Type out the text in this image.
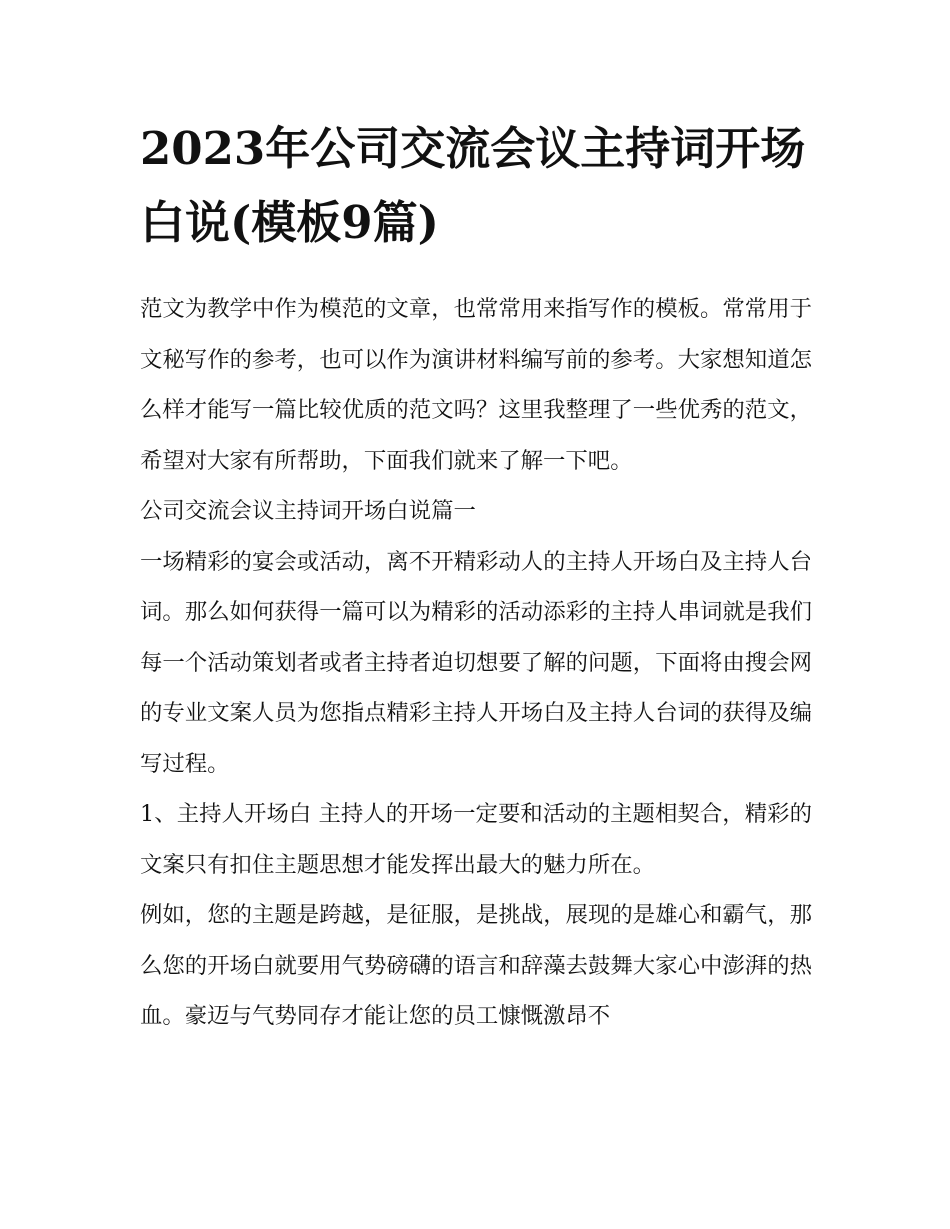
2023年公司交流会议主持词开场白说(模板9篇)

范文为教学中作为模范的文章，也常常用来指写作的模板。常常用于文秘写作的参考，也可以作为演讲材料编写前的参考。大家想知道怎么样才能写一篇比较优质的范文吗？这里我整理了一些优秀的范文，希望对大家有所帮助，下面我们就来了解一下吧。

公司交流会议主持词开场白说篇一

一场精彩的宴会或活动，离不开精彩动人的主持人开场白及主持人台词。那么如何获得一篇可以为精彩的活动添彩的主持人串词就是我们每一个活动策划者或者主持者迫切想要了解的问题，下面将由搜会网的专业文案人员为您指点精彩主持人开场白及主持人台词的获得及编写过程。

1、主持人开场白 主持人的开场一定要和活动的主题相契合，精彩的文案只有扣住主题思想才能发挥出最大的魅力所在。

例如，您的主题是跨越，是征服，是挑战，展现的是雄心和霸气，那么您的开场白就要用气势磅礴的语言和辞藻去鼓舞大家心中澎湃的热血。豪迈与气势同存才能让您的员工慷慨激昂不
